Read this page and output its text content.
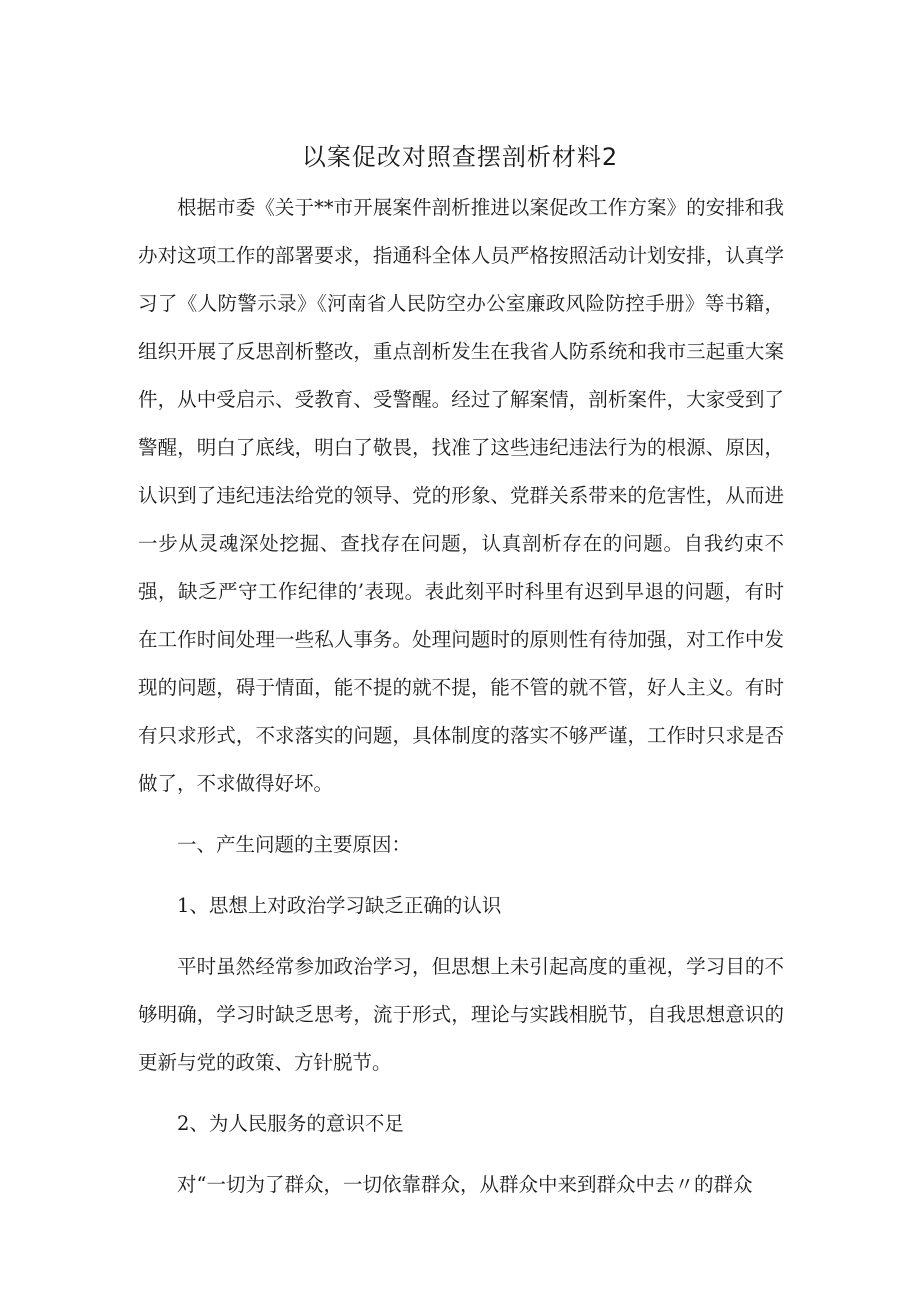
以案促改对照查摆剖析材料2

根据市委《关于**市开展案件剖析推进以案促改工作方案》的安排和我办对这项工作的部署要求，指通科全体人员严格按照活动计划安排，认真学习了《人防警示录》《河南省人民防空办公室廉政风险防控手册》等书籍，组织开展了反思剖析整改，重点剖析发生在我省人防系统和我市三起重大案件，从中受启示、受教育、受警醒。经过了解案情，剖析案件，大家受到了警醒，明白了底线，明白了敬畏，找准了这些违纪违法行为的根源、原因，认识到了违纪违法给党的领导、党的形象、党群关系带来的危害性，从而进一步从灵魂深处挖掘、查找存在问题，认真剖析存在的问题。自我约束不强，缺乏严守工作纪律的’表现。表此刻平时科里有迟到早退的问题，有时在工作时间处理一些私人事务。处理问题时的原则性有待加强，对工作中发现的问题，碍于情面，能不提的就不提，能不管的就不管，好人主义。有时有只求形式，不求落实的问题，具体制度的落实不够严谨，工作时只求是否做了，不求做得好坏。

一、产生问题的主要原因：

1、思想上对政治学习缺乏正确的认识

平时虽然经常参加政治学习，但思想上未引起高度的重视，学习目的不够明确，学习时缺乏思考，流于形式，理论与实践相脱节，自我思想意识的更新与党的政策、方针脱节。

2、为人民服务的意识不足

对“一切为了群众，一切依靠群众，从群众中来到群众中去〃的群众
